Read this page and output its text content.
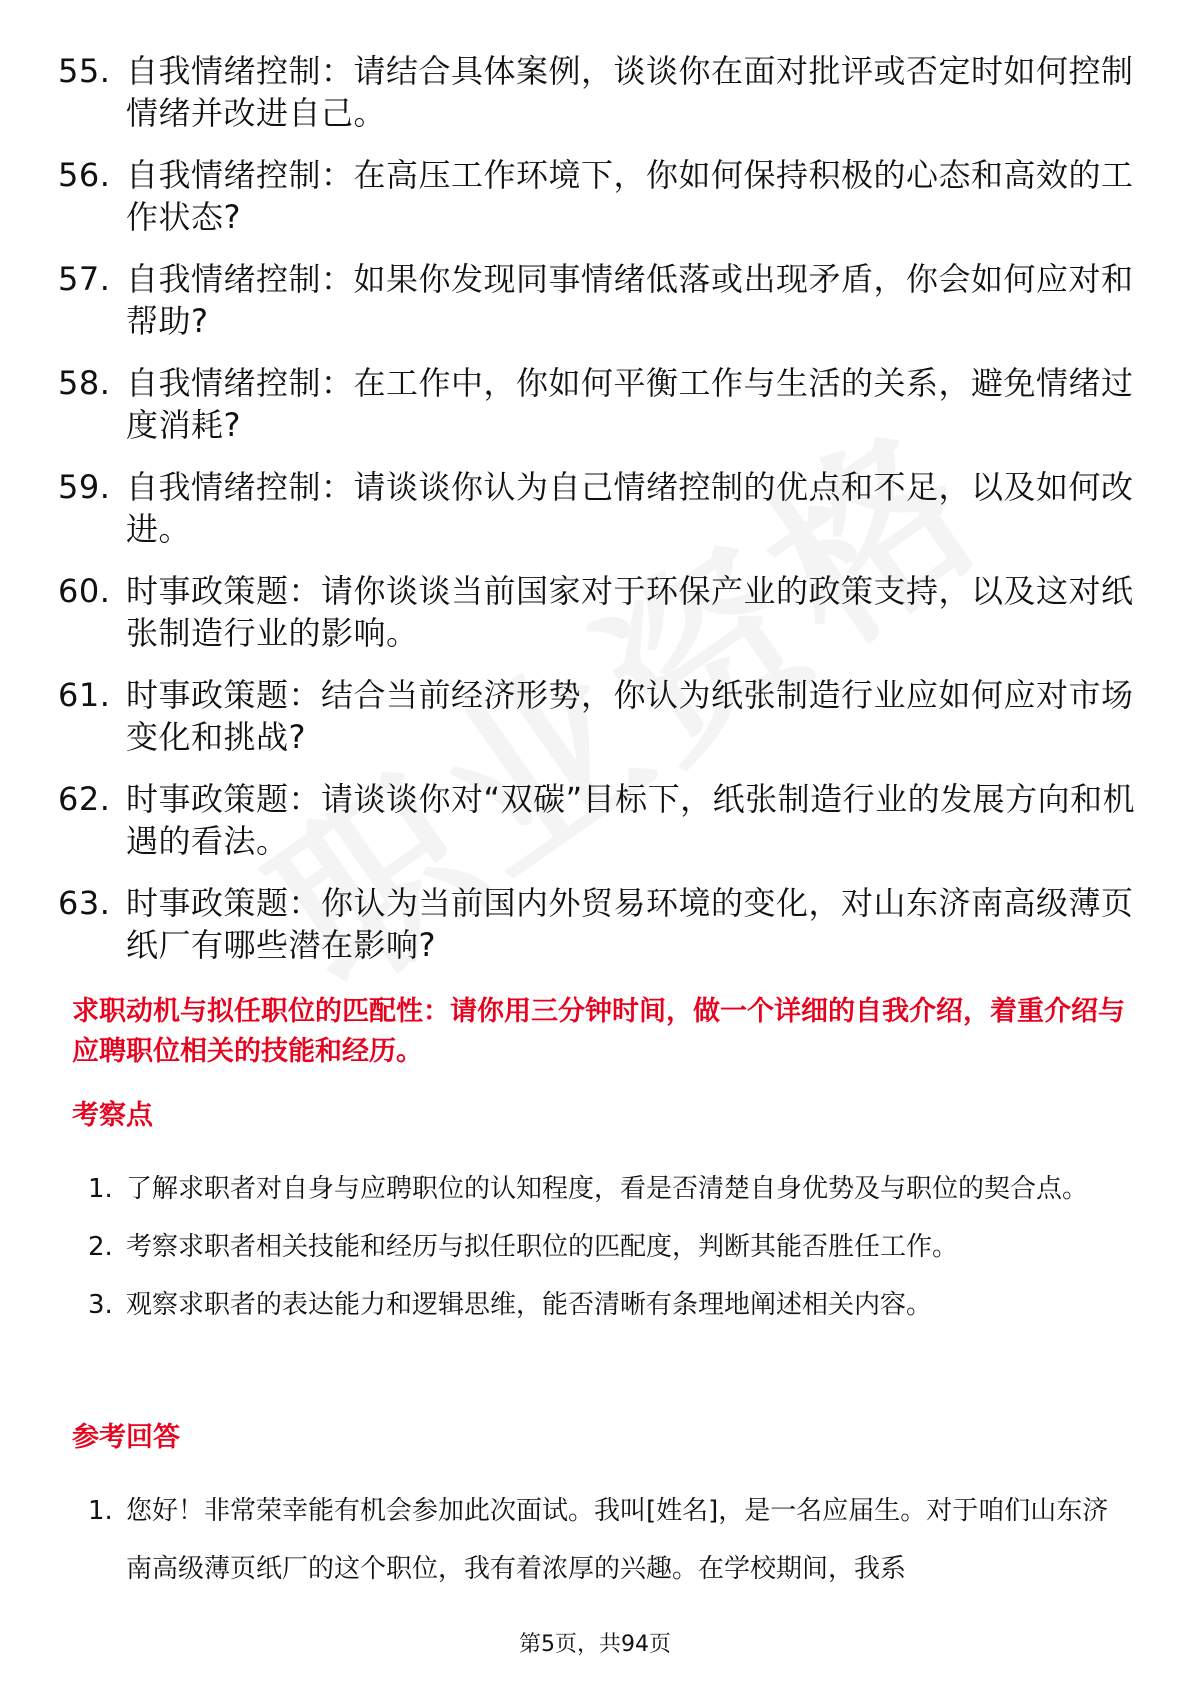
55. 自我情绪控制：请结合具体案例，谈谈你在面对批评或否定时如何控制情绪并改进自己。
56. 自我情绪控制：在高压工作环境下，你如何保持积极的心态和高效的工作状态?
57. 自我情绪控制：如果你发现同事情绪低落或出现矛盾，你会如何应对和帮助?
58. 自我情绪控制：在工作中，你如何平衡工作与生活的关系，避免情绪过度消耗?
59. 自我情绪控制：请谈谈你认为自己情绪控制的优点和不足，以及如何改进。
60. 时事政策题：请你谈谈当前国家对于环保产业的政策支持，以及这对纸张制造行业的影响。
61. 时事政策题：结合当前经济形势，你认为纸张制造行业应如何应对市场变化和挑战?
62. 时事政策题：请谈谈你对“双碳”目标下，纸张制造行业的发展方向和机遇的看法。
63. 时事政策题：你认为当前国内外贸易环境的变化，对山东济南高级薄页纸厂有哪些潜在影响?
求职动机与拟任职位的匹配性：请你用三分钟时间，做一个详细的自我介绍，着重介绍与应聘职位相关的技能和经历。
考察点
1. 了解求职者对自身与应聘职位的认知程度，看是否清楚自身优势及与职位的契合点。
2. 考察求职者相关技能和经历与拟任职位的匹配度，判断其能否胜任工作。
3. 观察求职者的表达能力和逻辑思维，能否清晰有条理地阐述相关内容。
参考回答
1. 您好！非常荣幸能有机会参加此次面试。我叫[姓名]，是一名应届生。对于咱们山东济南高级薄页纸厂的这个职位，我有着浓厚的兴趣。在学校期间，我系
第5页，共94页
